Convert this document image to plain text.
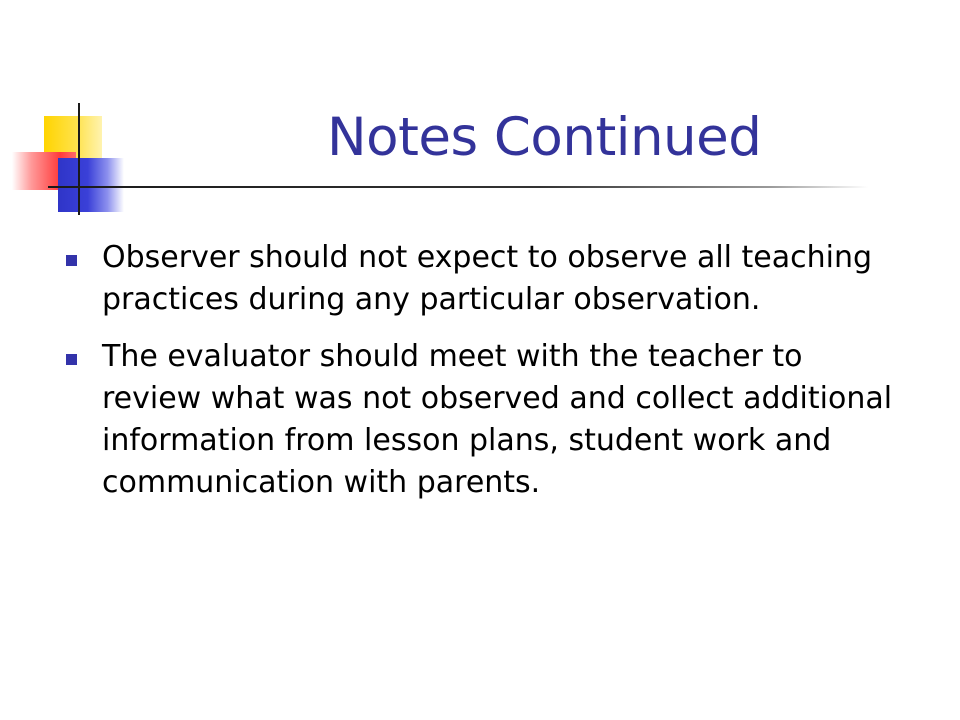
Notes Continued
Observer should not expect to observe all teaching practices during any particular observation.
The evaluator should meet with the teacher to review what was not observed and collect additional information from lesson plans, student work and communication with parents.
